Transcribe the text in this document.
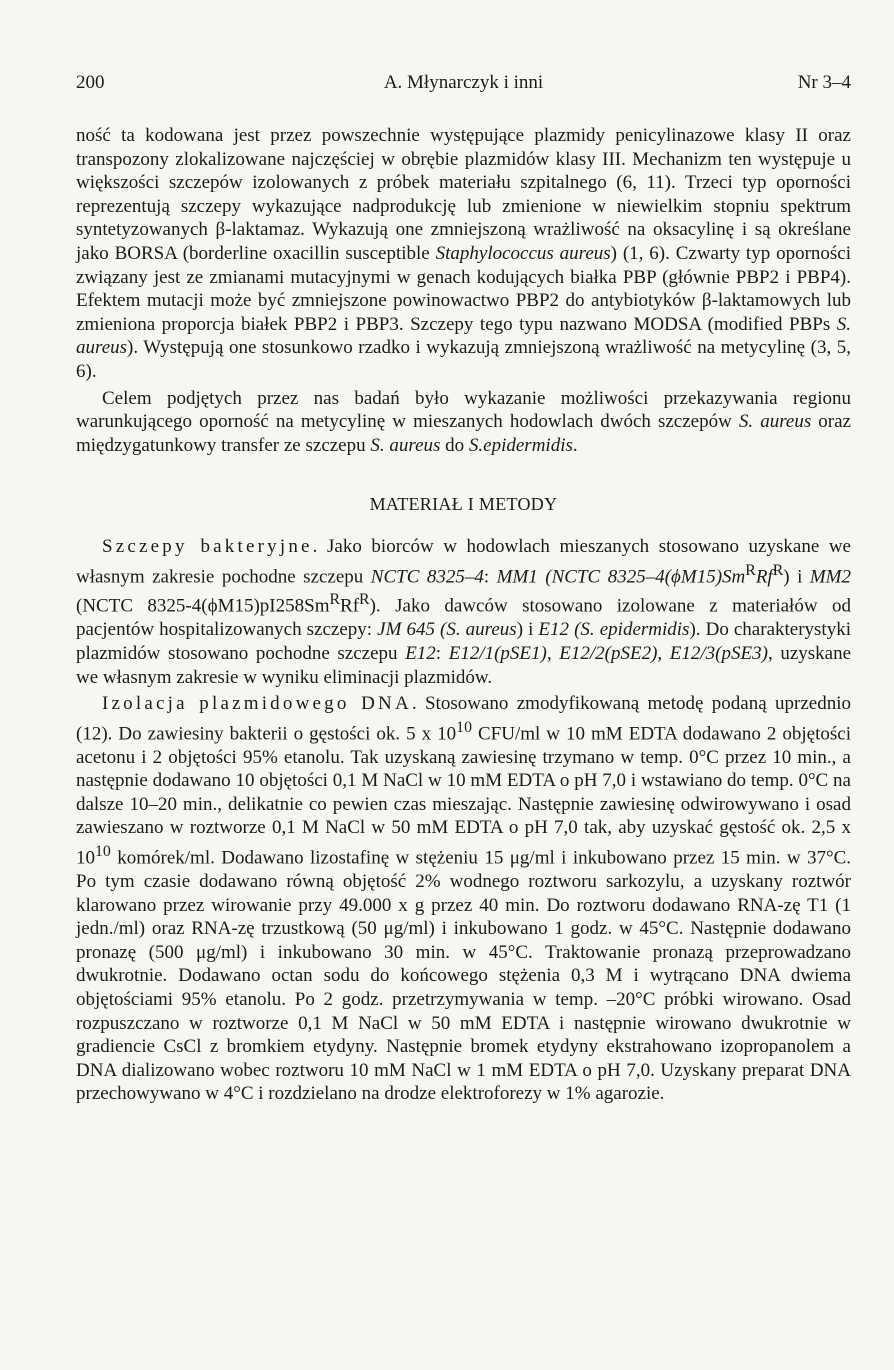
200	A. Młynarczyk i inni	Nr 3–4

ność ta kodowana jest przez powszechnie występujące plazmidy penicylinazowe klasy II oraz transpozony zlokalizowane najczęściej w obrębie plazmidów klasy III. Mechanizm ten występuje u większości szczepów izolowanych z próbek materiału szpitalnego (6, 11). Trzeci typ oporności reprezentują szczepy wykazujące nadprodukcję lub zmienione w niewielkim stopniu spektrum syntetyzowanych β-laktamaz. Wykazują one zmniejszoną wrażliwość na oksacylinę i są określane jako BORSA (borderline oxacillin susceptible Staphylococcus aureus) (1, 6). Czwarty typ oporności związany jest ze zmianami mutacyjnymi w genach kodujących białka PBP (głównie PBP2 i PBP4). Efektem mutacji może być zmniejszone powinowactwo PBP2 do antybiotyków β-laktamowych lub zmieniona proporcja białek PBP2 i PBP3. Szczepy tego typu nazwano MODSA (modified PBPs S. aureus). Występują one stosunkowo rzadko i wykazują zmniejszoną wrażliwość na metycylinę (3, 5, 6).

Celem podjętych przez nas badań było wykazanie możliwości przekazywania regionu warunkującego oporność na metycylinę w mieszanych hodowlach dwóch szczepów S. aureus oraz międzygatunkowy transfer ze szczepu S. aureus do S.epidermidis.

MATERIAŁ I METODY

Szczepy bakteryjne. Jako biorców w hodowlach mieszanych stosowano uzyskane we własnym zakresie pochodne szczepu NCTC 8325–4: MM1 (NCTC $8325-4(\phi M15)Sm^RRf^R$) i MM2 (NCTC $8325-4(\phi M15)pI258Sm^RRf^R$). Jako dawców stosowano izolowane z materiałów od pacjentów hospitalizowanych szczepy: JM 645 (S. aureus) i E12 (S. epidermidis). Do charakterystyki plazmidów stosowano pochodne szczepu E12: E12/1(pSE1), E12/2(pSE2), E12/3(pSE3), uzyskane we własnym zakresie w wyniku eliminacji plazmidów.

Izolacja plazmidowego DNA. Stosowano zmodyfikowaną metodę podaną uprzednio (12). Do zawiesiny bakterii o gęstości ok. 5 x $10^{10}$ CFU/ml w 10 mM EDTA dodawano 2 objętości acetonu i 2 objętości 95% etanolu. Tak uzyskaną zawiesinę trzymano w temp. 0°C przez 10 min., a następnie dodawano 10 objętości 0,1 M NaCl w 10 mM EDTA o pH 7,0 i wstawiano do temp. 0°C na dalsze 10–20 min., delikatnie co pewien czas mieszając. Następnie zawiesinę odwirowywano i osad zawieszano w roztworze 0,1 M NaCl w 50 mM EDTA o pH 7,0 tak, aby uzyskać gęstość ok. 2,5 x $10^{10}$ komórek/ml. Dodawano lizostafinę w stężeniu 15 μg/ml i inkubowano przez 15 min. w 37°C. Po tym czasie dodawano równą objętość 2% wodnego roztworu sarkozylu, a uzyskany roztwór klarowano przez wirowanie przy 49.000 x g przez 40 min. Do roztworu dodawano RNA-zę T1 (1 jedn./ml) oraz RNA-zę trzustkową (50 μg/ml) i inkubowano 1 godz. w 45°C. Następnie dodawano pronazę (500 μg/ml) i inkubowano 30 min. w 45°C. Traktowanie pronazą przeprowadzano dwukrotnie. Dodawano octan sodu do końcowego stężenia 0,3 M i wytrącano DNA dwiema objętościami 95% etanolu. Po 2 godz. przetrzymywania w temp. –20°C próbki wirowano. Osad rozpuszczano w roztworze 0,1 M NaCl w 50 mM EDTA i następnie wirowano dwukrotnie w gradiencie CsCl z bromkiem etydyny. Następnie bromek etydyny ekstrahowano izopropanolem a DNA dializowano wobec roztworu 10 mM NaCl w 1 mM EDTA o pH 7,0. Uzyskany preparat DNA przechowywano w 4°C i rozdzielano na drodze elektroforezy w 1% agarozie.
